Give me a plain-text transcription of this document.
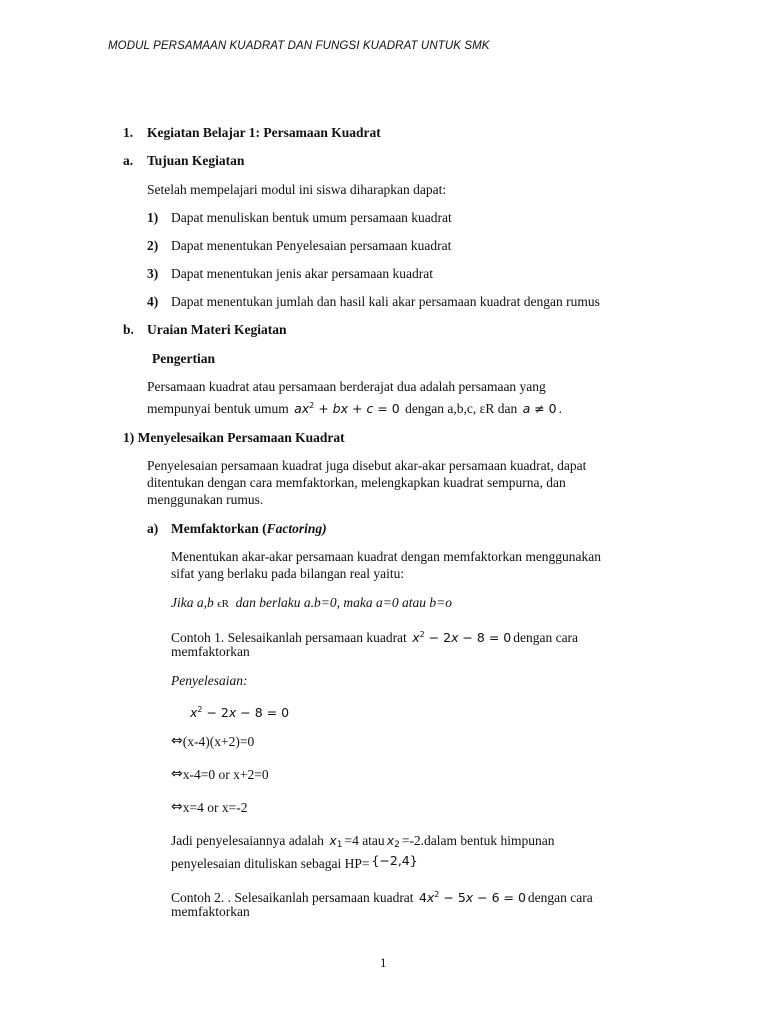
MODUL PERSAMAAN KUADRAT DAN FUNGSI KUADRAT UNTUK SMK
1. Kegiatan Belajar 1: Persamaan Kuadrat
a. Tujuan Kegiatan
Setelah mempelajari modul ini siswa diharapkan dapat:
1) Dapat menuliskan bentuk umum persamaan kuadrat
2) Dapat menentukan Penyelesaian persamaan kuadrat
3) Dapat menentukan jenis akar persamaan kuadrat
4) Dapat menentukan jumlah dan hasil kali akar persamaan kuadrat dengan rumus
b. Uraian Materi Kegiatan
Pengertian
Persamaan kuadrat atau persamaan berderajat dua adalah persamaan yang
mempunyai bentuk umum $ax^2$ + bx + c = 0 dengan a,b,c, εR dan a ≠ 0 .
1) Menyelesaikan Persamaan Kuadrat
Penyelesaian persamaan kuadrat juga disebut akar-akar persamaan kuadrat, dapat
ditentukan dengan cara memfaktorkan, melengkapkan kuadrat sempurna, dan
menggunakan rumus.
a) Memfaktorkan (Factoring)
Menentukan akar-akar persamaan kuadrat dengan memfaktorkan menggunakan
sifat yang berlaku pada bilangan real yaitu:
Jika a,b ϵR dan berlaku a.b=0, maka a=0 atau b=o
Contoh 1. Selesaikanlah persamaan kuadrat $x^2 - 2x - 8 = 0$ dengan cara
memfaktorkan
Penyelesaian:
$x^2 - 2x - 8 = 0$
⇔(x-4)(x+2)=0
⇔x-4=0 or x+2=0
⇔x=4 or x=-2
Jadi penyelesaiannya adalah x1 =4 atau x2 =-2.dalam bentuk himpunan
penyelesaian dituliskan sebagai HP= {−2,4}
Contoh 2. . Selesaikanlah persamaan kuadrat $4x^2 - 5x - 6 = 0$ dengan cara
memfaktorkan
1
